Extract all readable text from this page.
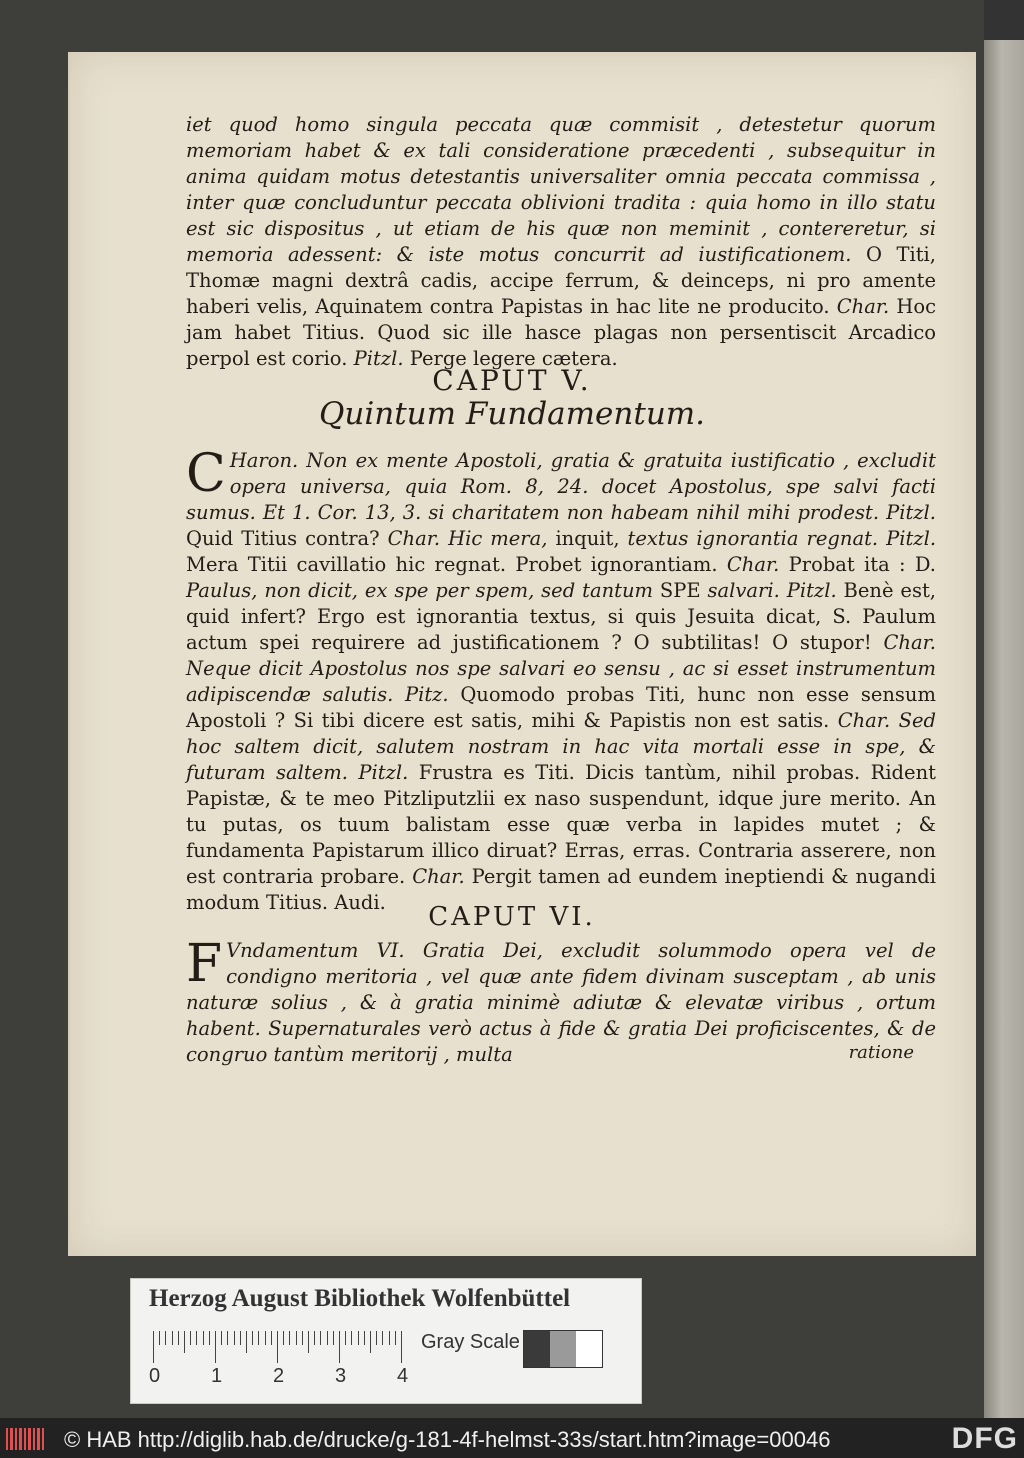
iet quod homo singula peccata quæ commisit , detestetur quorum memoriam habet & ex tali consideratione præcedenti , subsequitur in anima quidam motus detestantis universaliter omnia peccata commissa , inter quæ concluduntur peccata oblivioni tradita : quia homo in illo statu est sic dispositus , ut etiam de his quæ non meminit , contereretur, si memoria adessent: & iste motus concurrit ad iustificationem. O Titi, Thomæ magni dextrâ cadis, accipe ferrum, & deinceps, ni pro amente haberi velis, Aquinatem contra Papistas in hac lite ne producito. Char. Hoc jam habet Titius. Quod sic ille hasce plagas non persentiscit Arcadico perpol est corio. Pitzl. Perge legere cætera.

CAPUT V.
Quintum Fundamentum.

C Haron. Non ex mente Apostoli, gratia & gratuita iustificatio , excludit opera universa, quia Rom. 8, 24. docet Apostolus, spe salvi facti sumus. Et 1. Cor. 13, 3. si charitatem non habeam nihil mihi prodest. Pitzl. Quid Titius contra? Char. Hic mera, inquit, textus ignorantia regnat. Pitzl. Mera Titii cavillatio hic regnat. Probet ignorantiam. Char. Probat ita : D. Paulus, non dicit, ex spe per spem, sed tantum SPE salvari. Pitzl. Benè est, quid infert? Ergo est ignorantia textus, si quis Jesuita dicat, S. Paulum actum spei requirere ad justificationem ? O subtilitas! O stupor! Char. Neque dicit Apostolus nos spe salvari eo sensu , ac si esset instrumentum adipiscendæ salutis. Pitz. Quomodo probas Titi, hunc non esse sensum Apostoli ? Si tibi dicere est satis, mihi & Papistis non est satis. Char. Sed hoc saltem dicit, salutem nostram in hac vita mortali esse in spe, & futuram saltem. Pitzl. Frustra es Titi. Dicis tantùm, nihil probas. Rident Papistæ, & te meo Pitzliputzlii ex naso suspendunt, idque jure merito. An tu putas, os tuum balistam esse quæ verba in lapides mutet ; & fundamenta Papistarum illico diruat? Erras, erras. Contraria asserere, non est contraria probare. Char. Pergit tamen ad eundem ineptiendi & nugandi modum Titius. Audi.	CAPUT VI.

F Vndamentum VI. Gratia Dei, excludit solummodo opera vel de condigno meritoria , vel quæ ante fidem divinam susceptam , ab unis naturæ solius , & à gratia minimè adiutæ & elevatæ viribus , ortum habent. Supernaturales verò actus à fide & gratia Dei proficiscentes, & de congruo tantùm meritorij , multa	ratione
Herzog August Bibliothek Wolfenbüttel
0	1	2	3	4
Gray Scale
© HAB http://diglib.hab.de/drucke/g-181-4f-helmst-33s/start.htm?image=00046	DFG
